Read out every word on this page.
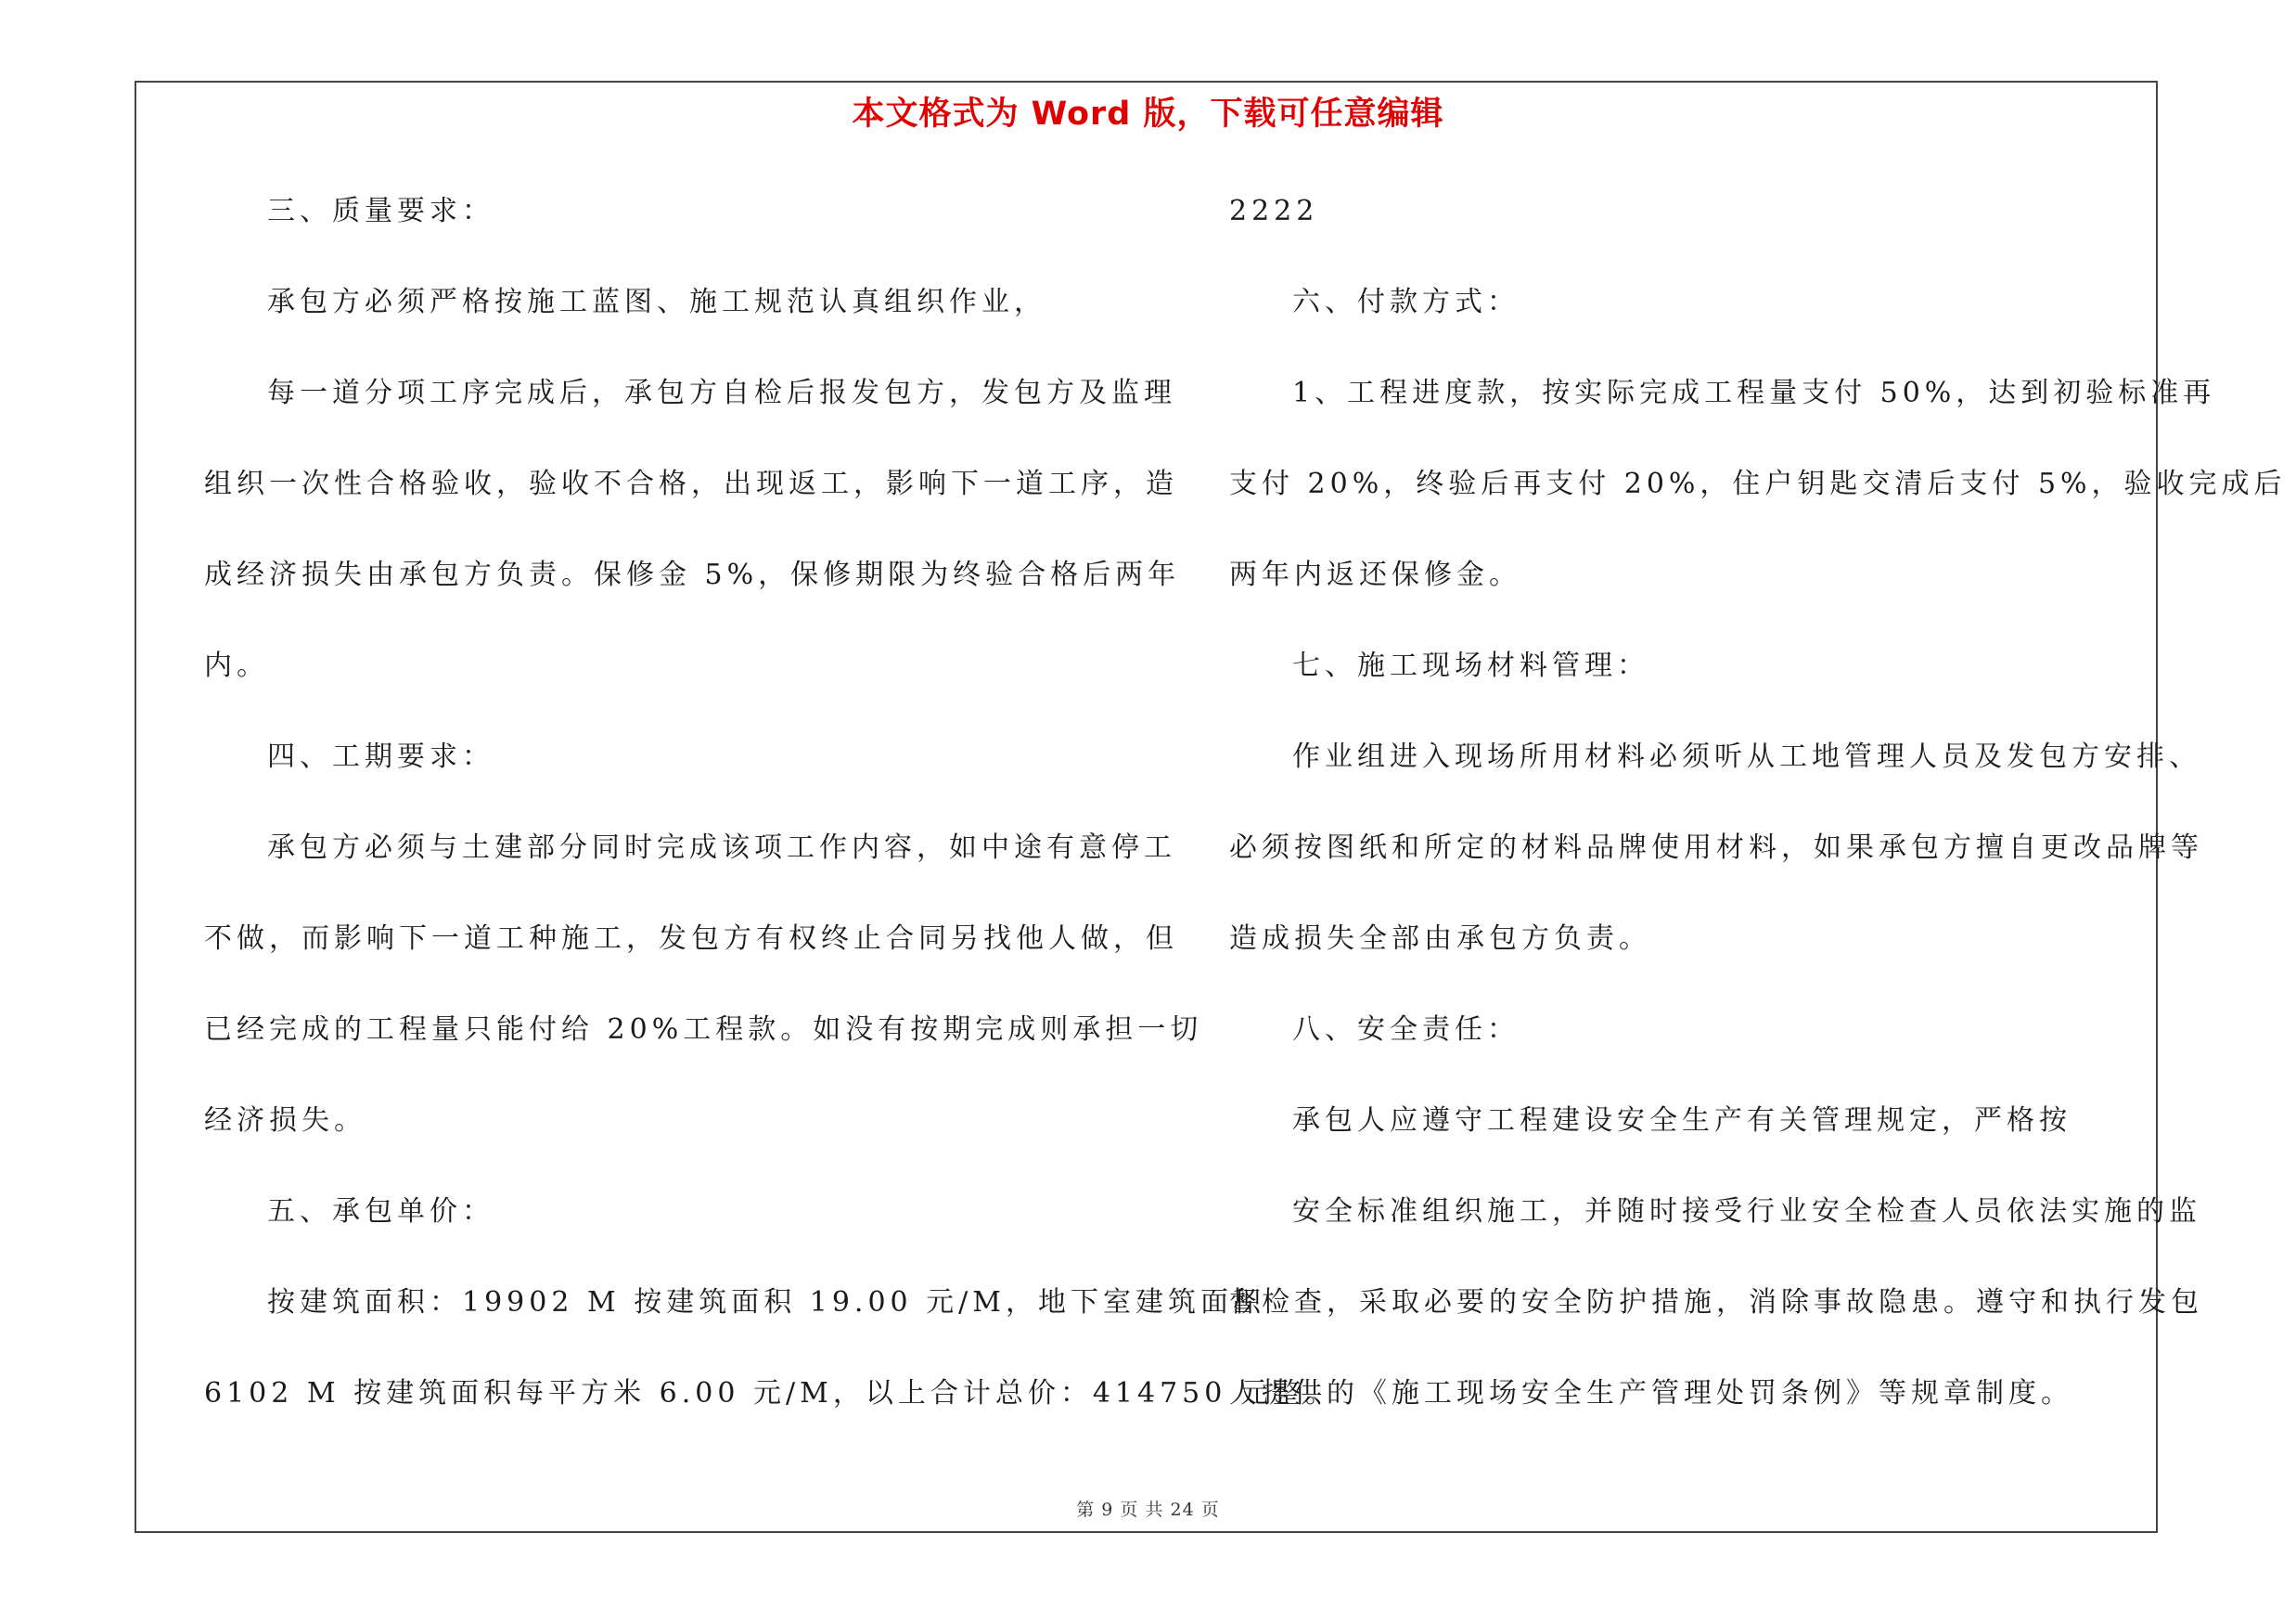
本文格式为 Word 版，下载可任意编辑
三、质量要求：
承包方必须严格按施工蓝图、施工规范认真组织作业，
每一道分项工序完成后，承包方自检后报发包方，发包方及监理
组织一次性合格验收，验收不合格，出现返工，影响下一道工序，造
成经济损失由承包方负责。保修金 5%，保修期限为终验合格后两年
内。
四、工期要求：
承包方必须与土建部分同时完成该项工作内容，如中途有意停工
不做，而影响下一道工种施工，发包方有权终止合同另找他人做，但
已经完成的工程量只能付给 20%工程款。如没有按期完成则承担一切
经济损失。
五、承包单价：
按建筑面积：19902 M 按建筑面积 19.00 元/M，地下室建筑面积
6102 M 按建筑面积每平方米 6.00 元/M，以上合计总价：414750 元整。
2222
六、付款方式：
1、工程进度款，按实际完成工程量支付 50%，达到初验标准再
支付 20%，终验后再支付 20%，住户钥匙交清后支付 5%，验收完成后
两年内返还保修金。
七、施工现场材料管理：
作业组进入现场所用材料必须听从工地管理人员及发包方安排、
必须按图纸和所定的材料品牌使用材料，如果承包方擅自更改品牌等
造成损失全部由承包方负责。
八、安全责任：
承包人应遵守工程建设安全生产有关管理规定，严格按
安全标准组织施工，并随时接受行业安全检查人员依法实施的监
督检查，采取必要的安全防护措施，消除事故隐患。遵守和执行发包
人提供的《施工现场安全生产管理处罚条例》等规章制度。
第 9 页 共 24 页
